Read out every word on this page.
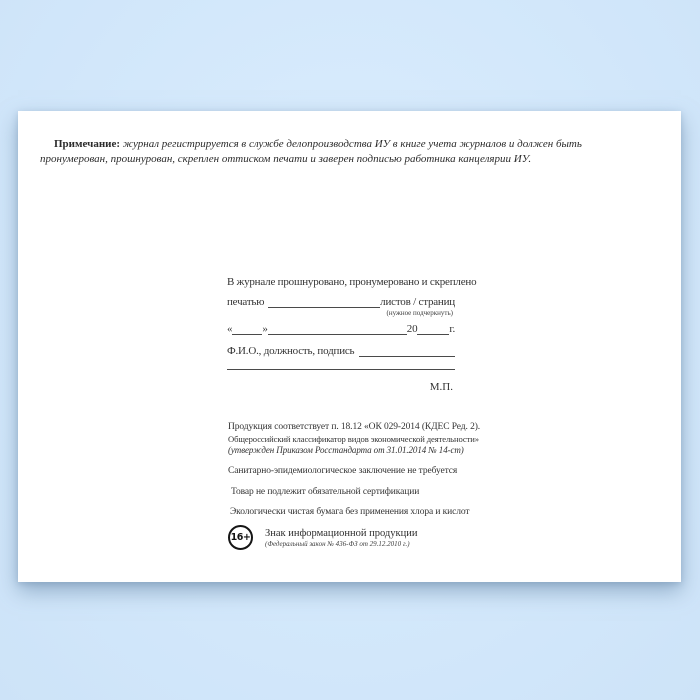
Примечание: журнал регистрируется в службе делопроизводства ИУ в книге учета журналов и должен быть пронумерован, прошнурован, скреплен оттиском печати и заверен подписью работника канцелярии ИУ.

В журнале прошнуровано, пронумеровано и скреплено
печатью	листов / страниц
(нужное подчеркнуть)
«	»	20	г.
Ф.И.О., должность, подпись
М.П.
Продукция соответствует п. 18.12 «ОК 029-2014 (КДЕС Ред. 2).
Общероссийский классификатор видов экономической деятельности»
(утвержден Приказом Росстандарта от 31.01.2014 № 14-ст)
Санитарно-эпидемиологическое заключение не требуется
Товар не подлежит обязательной сертификации
Экологически чистая бумага без применения хлора и кислот
16+ Знак информационной продукции
(Федеральный закон № 436-ФЗ от 29.12.2010 г.)
